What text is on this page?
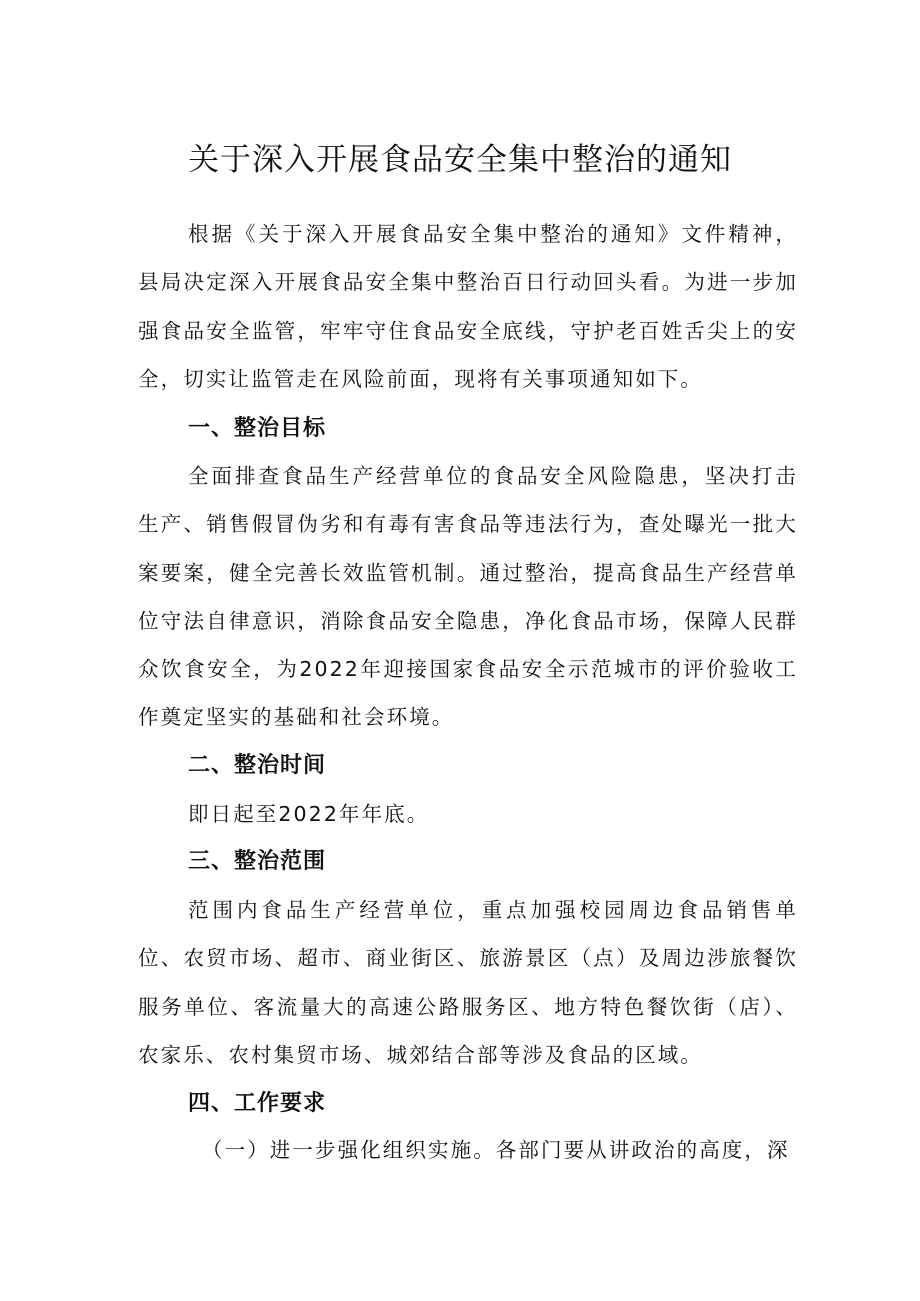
关于深入开展食品安全集中整治的通知

根据《关于深入开展食品安全集中整治的通知》文件精神，县局决定深入开展食品安全集中整治百日行动回头看。为进一步加强食品安全监管，牢牢守住食品安全底线，守护老百姓舌尖上的安全，切实让监管走在风险前面，现将有关事项通知如下。

一、整治目标

全面排查食品生产经营单位的食品安全风险隐患，坚决打击生产、销售假冒伪劣和有毒有害食品等违法行为，查处曝光一批大案要案，健全完善长效监管机制。通过整治，提高食品生产经营单位守法自律意识，消除食品安全隐患，净化食品市场，保障人民群众饮食安全，为2022年迎接国家食品安全示范城市的评价验收工作奠定坚实的基础和社会环境。

二、整治时间

即日起至2022年年底。

三、整治范围

范围内食品生产经营单位，重点加强校园周边食品销售单位、农贸市场、超市、商业街区、旅游景区（点）及周边涉旅餐饮服务单位、客流量大的高速公路服务区、地方特色餐饮街（店）、农家乐、农村集贸市场、城郊结合部等涉及食品的区域。

四、工作要求

（一）进一步强化组织实施。各部门要从讲政治的高度，深
